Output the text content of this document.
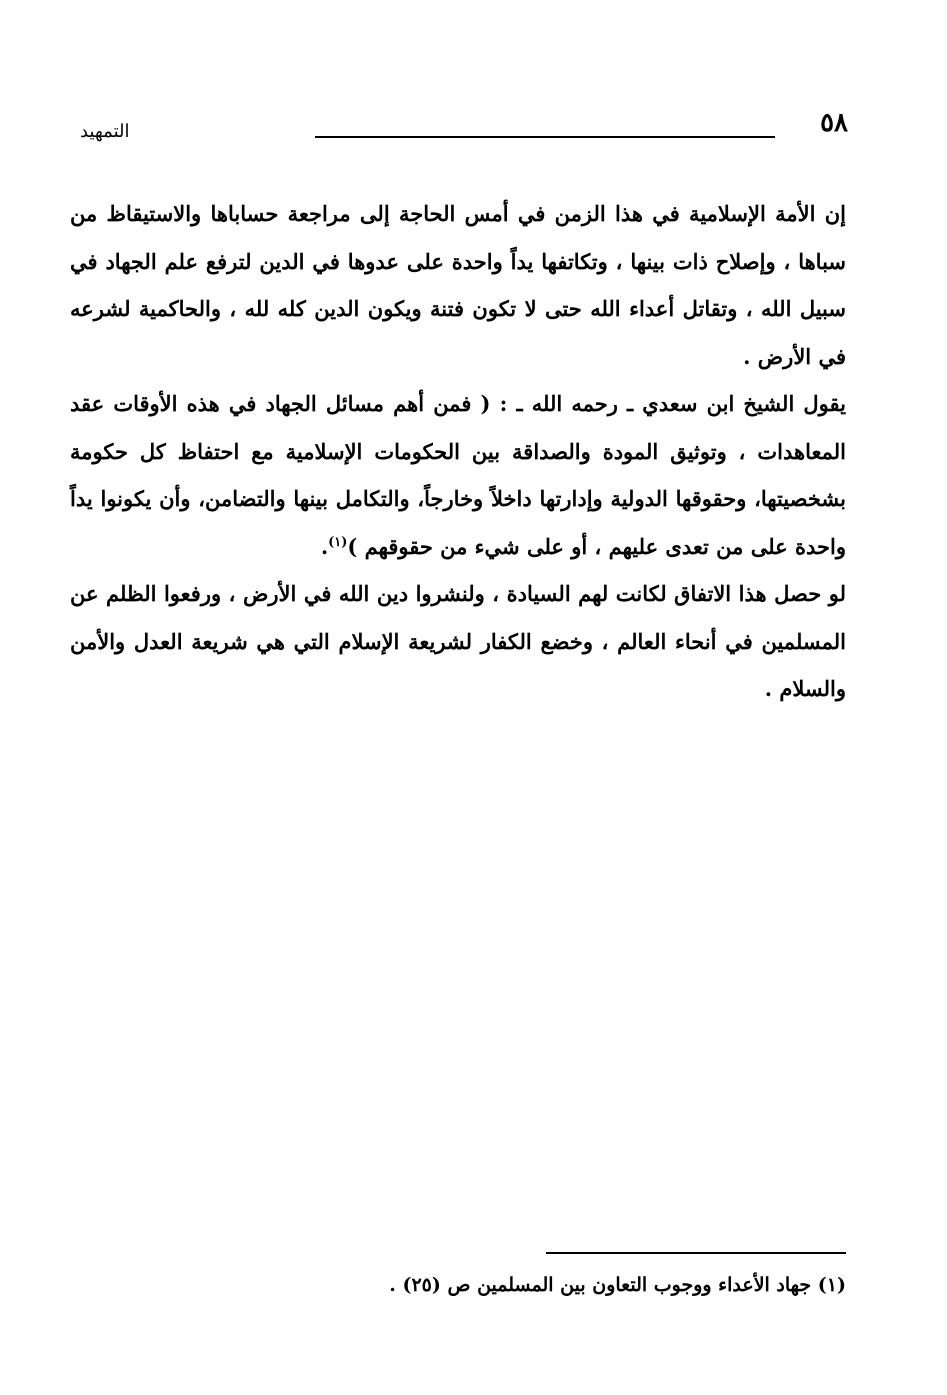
٥٨
التمهيد

إن الأمة الإسلامية في هذا الزمن في أمس الحاجة إلى مراجعة حساباها والاستيقاظ من سباها ، وإصلاح ذات بينها ، وتكاتفها يداً واحدة على عدوها في الدين لترفع علم الجهاد في سبيل الله ، وتقاتل أعداء الله حتى لا تكون فتنة ويكون الدين كله لله ، والحاكمية لشرعه في الأرض .

يقول الشيخ ابن سعدي ـ رحمه الله ـ : ( فمن أهم مسائل الجهاد في هذه الأوقات عقد المعاهدات ، وتوثيق المودة والصداقة بين الحكومات الإسلامية مع احتفاظ كل حكومة بشخصيتها، وحقوقها الدولية وإدارتها داخلاً وخارجاً، والتكامل بينها والتضامن، وأن يكونوا يداً واحدة على من تعدى عليهم ، أو على شيء من حقوقهم )$^{(١)}$.

لو حصل هذا الاتفاق لكانت لهم السيادة ، ولنشروا دين الله في الأرض ، ورفعوا الظلم عن المسلمين في أنحاء العالم ، وخضع الكفار لشريعة الإسلام التي هي شريعة العدل والأمن والسلام .

(١) جهاد الأعداء ووجوب التعاون بين المسلمين ص (٢٥) .
